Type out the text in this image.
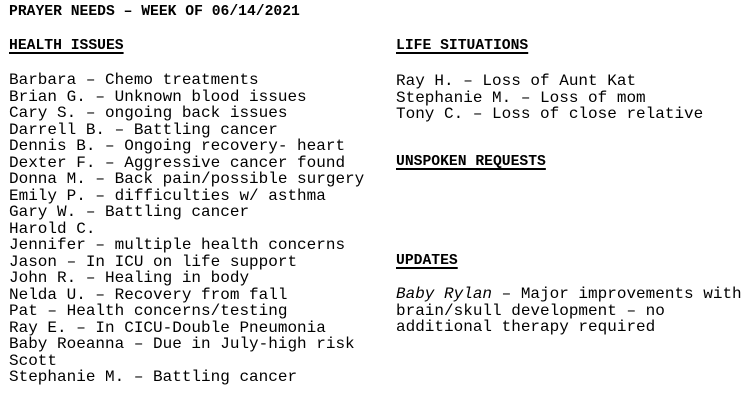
PRAYER NEEDS – WEEK OF 06/14/2021
HEALTH ISSUES
Barbara – Chemo treatments
Brian G. – Unknown blood issues
Cary S. – ongoing back issues
Darrell B. – Battling cancer
Dennis B. – Ongoing recovery- heart
Dexter F. – Aggressive cancer found
Donna M. – Back pain/possible surgery
Emily P. – difficulties w/ asthma
Gary W. – Battling cancer
Harold C.
Jennifer – multiple health concerns
Jason – In ICU on life support
John R. – Healing in body
Nelda U. – Recovery from fall
Pat – Health concerns/testing
Ray E. – In CICU-Double Pneumonia
Baby Roeanna – Due in July-high risk
Scott
Stephanie M. – Battling cancer
LIFE SITUATIONS
Ray H. – Loss of Aunt Kat
Stephanie M. – Loss of mom
Tony C. – Loss of close relative
UNSPOKEN REQUESTS
UPDATES
Baby Rylan – Major improvements with brain/skull development – no additional therapy required
